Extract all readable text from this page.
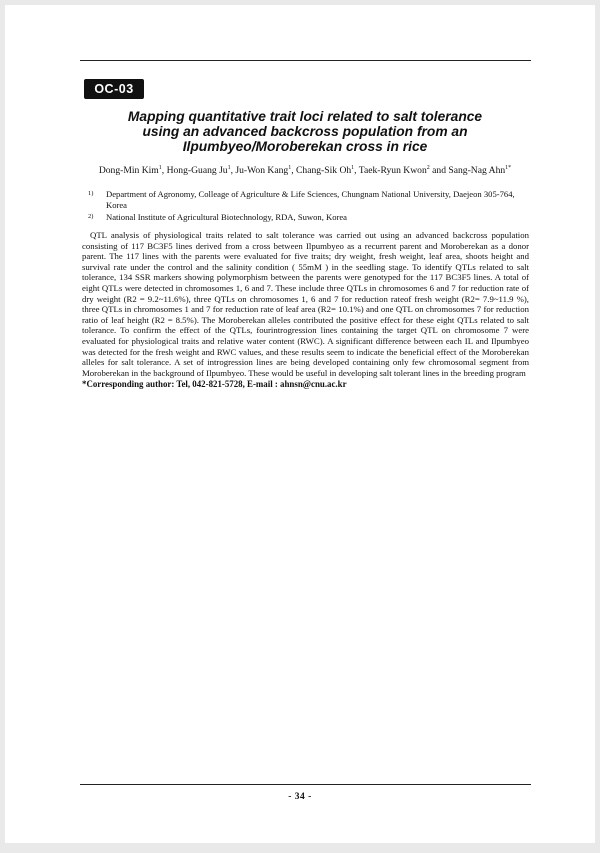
OC-03
Mapping quantitative trait loci related to salt tolerance
using an advanced backcross population from an
Ilpumbyeo/Moroberekan cross in rice
Dong-Min Kim$^1$, Hong-Guang Ju$^1$, Ju-Won Kang$^1$, Chang-Sik Oh$^1$, Taek-Ryun Kwon$^2$ and Sang-Nag Ahn$^{1*}$
1) Department of Agronomy, Colleage of Agriculture & Life Sciences, Chungnam National University, Daejeon 305-764,
Korea
2) National Institute of Agricultural Biotechnology, RDA, Suwon, Korea
QTL analysis of physiological traits related to salt tolerance was carried out using an advanced backcross population consisting of 117 BC3F5 lines derived from a cross between Ilpumbyeo as a recurrent parent and Moroberekan as a donor parent. The 117 lines with the parents were evaluated for five traits; dry weight, fresh weight, leaf area, shoots height and survival rate under the control and the salinity condition ( 55mM ) in the seedling stage. To identify QTLs related to salt tolerance, 134 SSR markers showing polymorphism between the parents were genotyped for the 117 BC3F5 lines. A total of eight QTLs were detected in chromosomes 1, 6 and 7. These include three QTLs in chromosomes 6 and 7 for reduction rate of dry weight (R2 = 9.2~11.6%), three QTLs on chromosomes 1, 6 and 7 for reduction rateof fresh weight (R2= 7.9~11.9 %), three QTLs in chromosomes 1 and 7 for reduction rate of leaf area (R2= 10.1%) and one QTL on chromosomes 7 for reduction ratio of leaf height (R2 = 8.5%). The Moroberekan alleles contributed the positive effect for these eight QTLs related to salt tolerance. To confirm the effect of the QTLs, fourintrogression lines containing the target QTL on chromosome 7 were evaluated for physiological traits and relative water content (RWC). A significant difference between each IL and Ilpumbyeo was detected for the fresh weight and RWC values, and these results seem to indicate the beneficial effect of the Moroberekan alleles for salt tolerance. A set of introgression lines are being developed containing only few chromosomal segment from Moroberekan in the background of Ilpumbyeo. These would be useful in developing salt tolerant lines in the breeding program
*Corresponding author: Tel, 042-821-5728, E-mail : ahnsn@cnu.ac.kr
- 34 -
